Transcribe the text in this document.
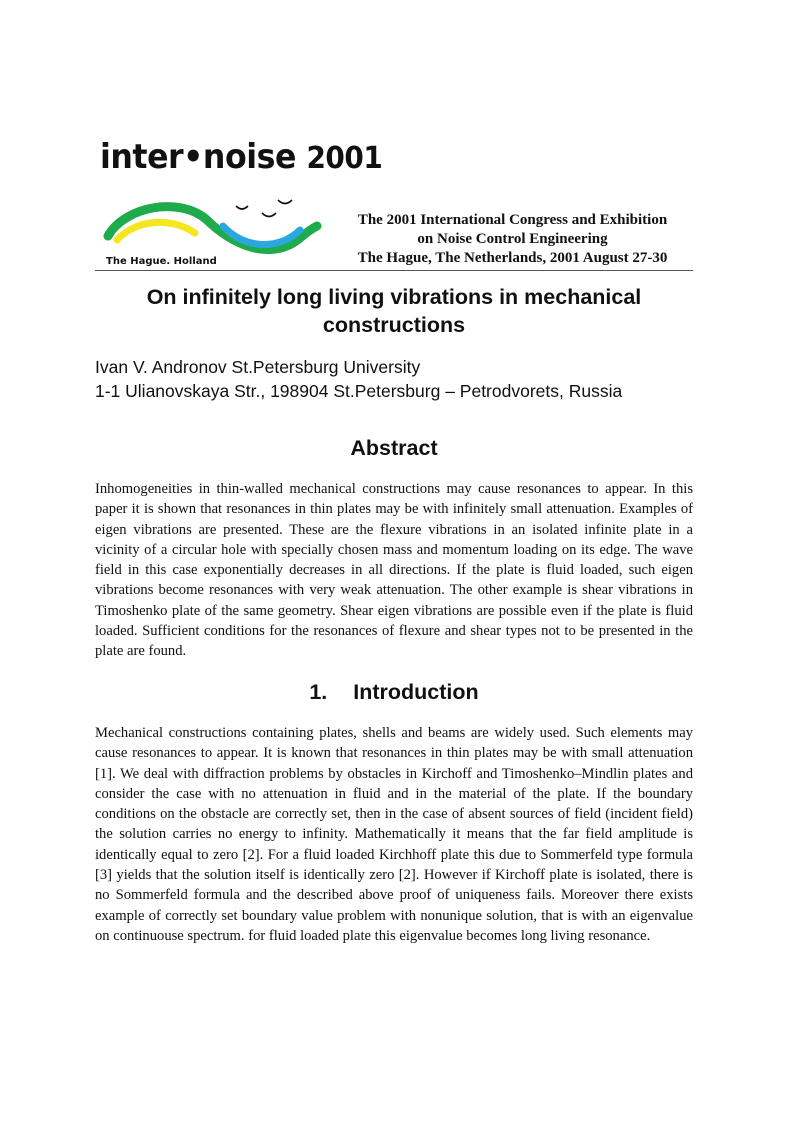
inter•noise 2001
The Hague. Holland
The 2001 International Congress and Exhibition
on Noise Control Engineering
The Hague, The Netherlands, 2001 August 27-30
On infinitely long living vibrations in mechanical constructions
Ivan V. Andronov St.Petersburg University
1-1 Ulianovskaya Str., 198904 St.Petersburg – Petrodvorets, Russia
Abstract
Inhomogeneities in thin-walled mechanical constructions may cause resonances to appear. In this paper it is shown that resonances in thin plates may be with infinitely small attenuation. Examples of eigen vibrations are presented. These are the flexure vibrations in an isolated infinite plate in a vicinity of a circular hole with specially chosen mass and momentum loading on its edge. The wave field in this case exponentially decreases in all directions. If the plate is fluid loaded, such eigen vibrations become resonances with very weak attenuation. The other example is shear vibrations in Timoshenko plate of the same geometry. Shear eigen vibrations are possible even if the plate is fluid loaded. Sufficient conditions for the resonances of flexure and shear types not to be presented in the plate are found.
1. Introduction
Mechanical constructions containing plates, shells and beams are widely used. Such elements may cause resonances to appear. It is known that resonances in thin plates may be with small attenuation [1]. We deal with diffraction problems by obstacles in Kirchoff and Timoshenko–Mindlin plates and consider the case with no attenuation in fluid and in the material of the plate. If the boundary conditions on the obstacle are correctly set, then in the case of absent sources of field (incident field) the solution carries no energy to infinity. Mathematically it means that the far field amplitude is identically equal to zero [2]. For a fluid loaded Kirchhoff plate this due to Sommerfeld type formula [3] yields that the solution itself is identically zero [2]. However if Kirchoff plate is isolated, there is no Sommerfeld formula and the described above proof of uniqueness fails. Moreover there exists example of correctly set boundary value problem with nonunique solution, that is with an eigenvalue on continuouse spectrum. for fluid loaded plate this eigenvalue becomes long living resonance.
